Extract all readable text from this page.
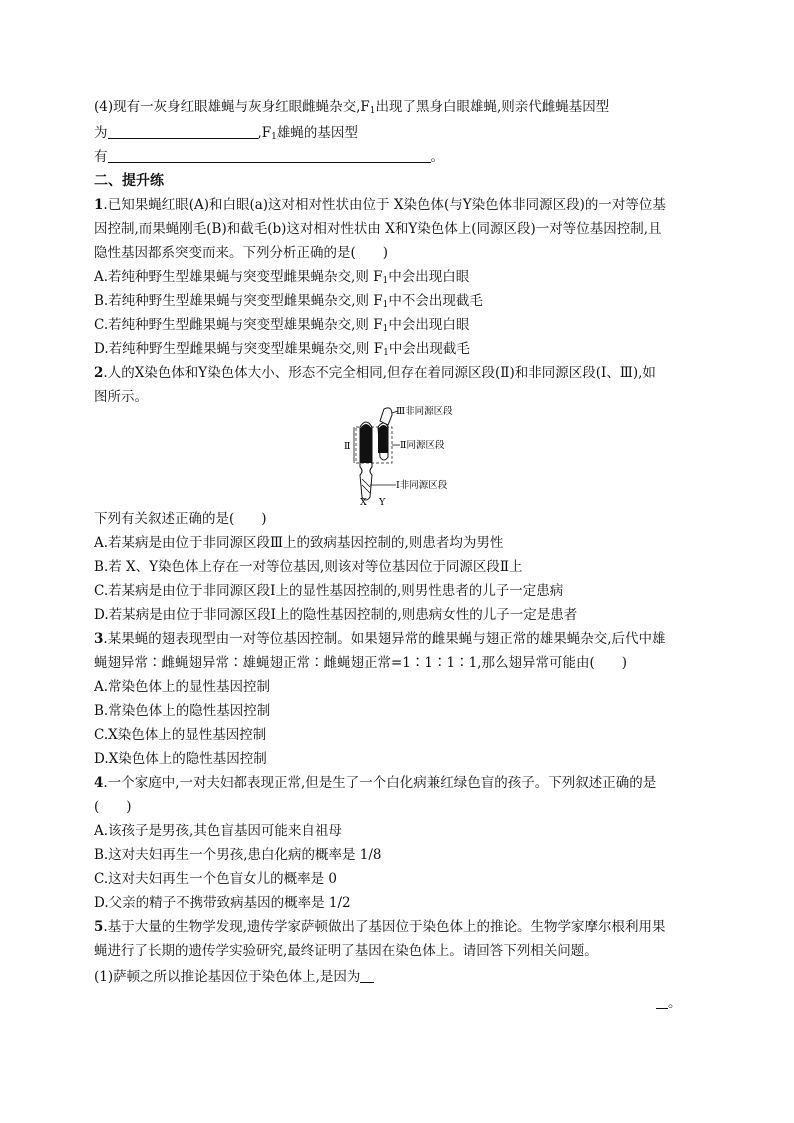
(4)现有一灰身红眼雄蝇与灰身红眼雌蝇杂交$,F_1$出现了黑身白眼雄蝇,则亲代雌蝇基因型
为	$,F_1$雄蝇的基因型
有	。
二、提升练
1.已知果蝇红眼(A)和白眼(a)这对相对性状由位于 X染色体(与Y染色体非同源区段)的一对等位基
因控制,而果蝇刚毛(B)和截毛(b)这对相对性状由 X和Y染色体上(同源区段)一对等位基因控制,且
隐性基因都系突变而来。下列分析正确的是(　　)
A.若纯种野生型雄果蝇与突变型雌果蝇杂交,则 $F_1$中会出现白眼
B.若纯种野生型雄果蝇与突变型雌果蝇杂交,则 $F_1$中不会出现截毛
C.若纯种野生型雌果蝇与突变型雄果蝇杂交,则 $F_1$中会出现白眼
D.若纯种野生型雌果蝇与突变型雄果蝇杂交,则 $F_1$中会出现截毛
2.人的X染色体和Y染色体大小、形态不完全相同,但存在着同源区段(Ⅱ)和非同源区段(Ⅰ、Ⅲ),如
图所示。
Ⅲ非同源区段
Ⅱ	Ⅱ同源区段
Ⅰ非同源区段
X Y
下列有关叙述正确的是(　　)
A.若某病是由位于非同源区段Ⅲ上的致病基因控制的,则患者均为男性
B.若 X、Y染色体上存在一对等位基因,则该对等位基因位于同源区段Ⅱ上
C.若某病是由位于非同源区段Ⅰ上的显性基因控制的,则男性患者的儿子一定患病
D.若某病是由位于非同源区段Ⅰ上的隐性基因控制的,则患病女性的儿子一定是患者
3.某果蝇的翅表现型由一对等位基因控制。如果翅异常的雌果蝇与翅正常的雄果蝇杂交,后代中雄
蝇翅异常∶雌蝇翅异常∶雄蝇翅正常∶雌蝇翅正常=1∶1∶1∶1,那么翅异常可能由(　　)
A.常染色体上的显性基因控制
B.常染色体上的隐性基因控制
C.X染色体上的显性基因控制
D.X染色体上的隐性基因控制
4.一个家庭中,一对夫妇都表现正常,但是生了一个白化病兼红绿色盲的孩子。下列叙述正确的是
(　　)
A.该孩子是男孩,其色盲基因可能来自祖母
B.这对夫妇再生一个男孩,患白化病的概率是 1/8
C.这对夫妇再生一个色盲女儿的概率是 0
D.父亲的精子不携带致病基因的概率是 1/2
5.基于大量的生物学发现,遗传学家萨顿做出了基因位于染色体上的推论。生物学家摩尔根利用果
蝇进行了长期的遗传学实验研究,最终证明了基因在染色体上。请回答下列相关问题。
(1)萨顿之所以推论基因位于染色体上,是因为
。
